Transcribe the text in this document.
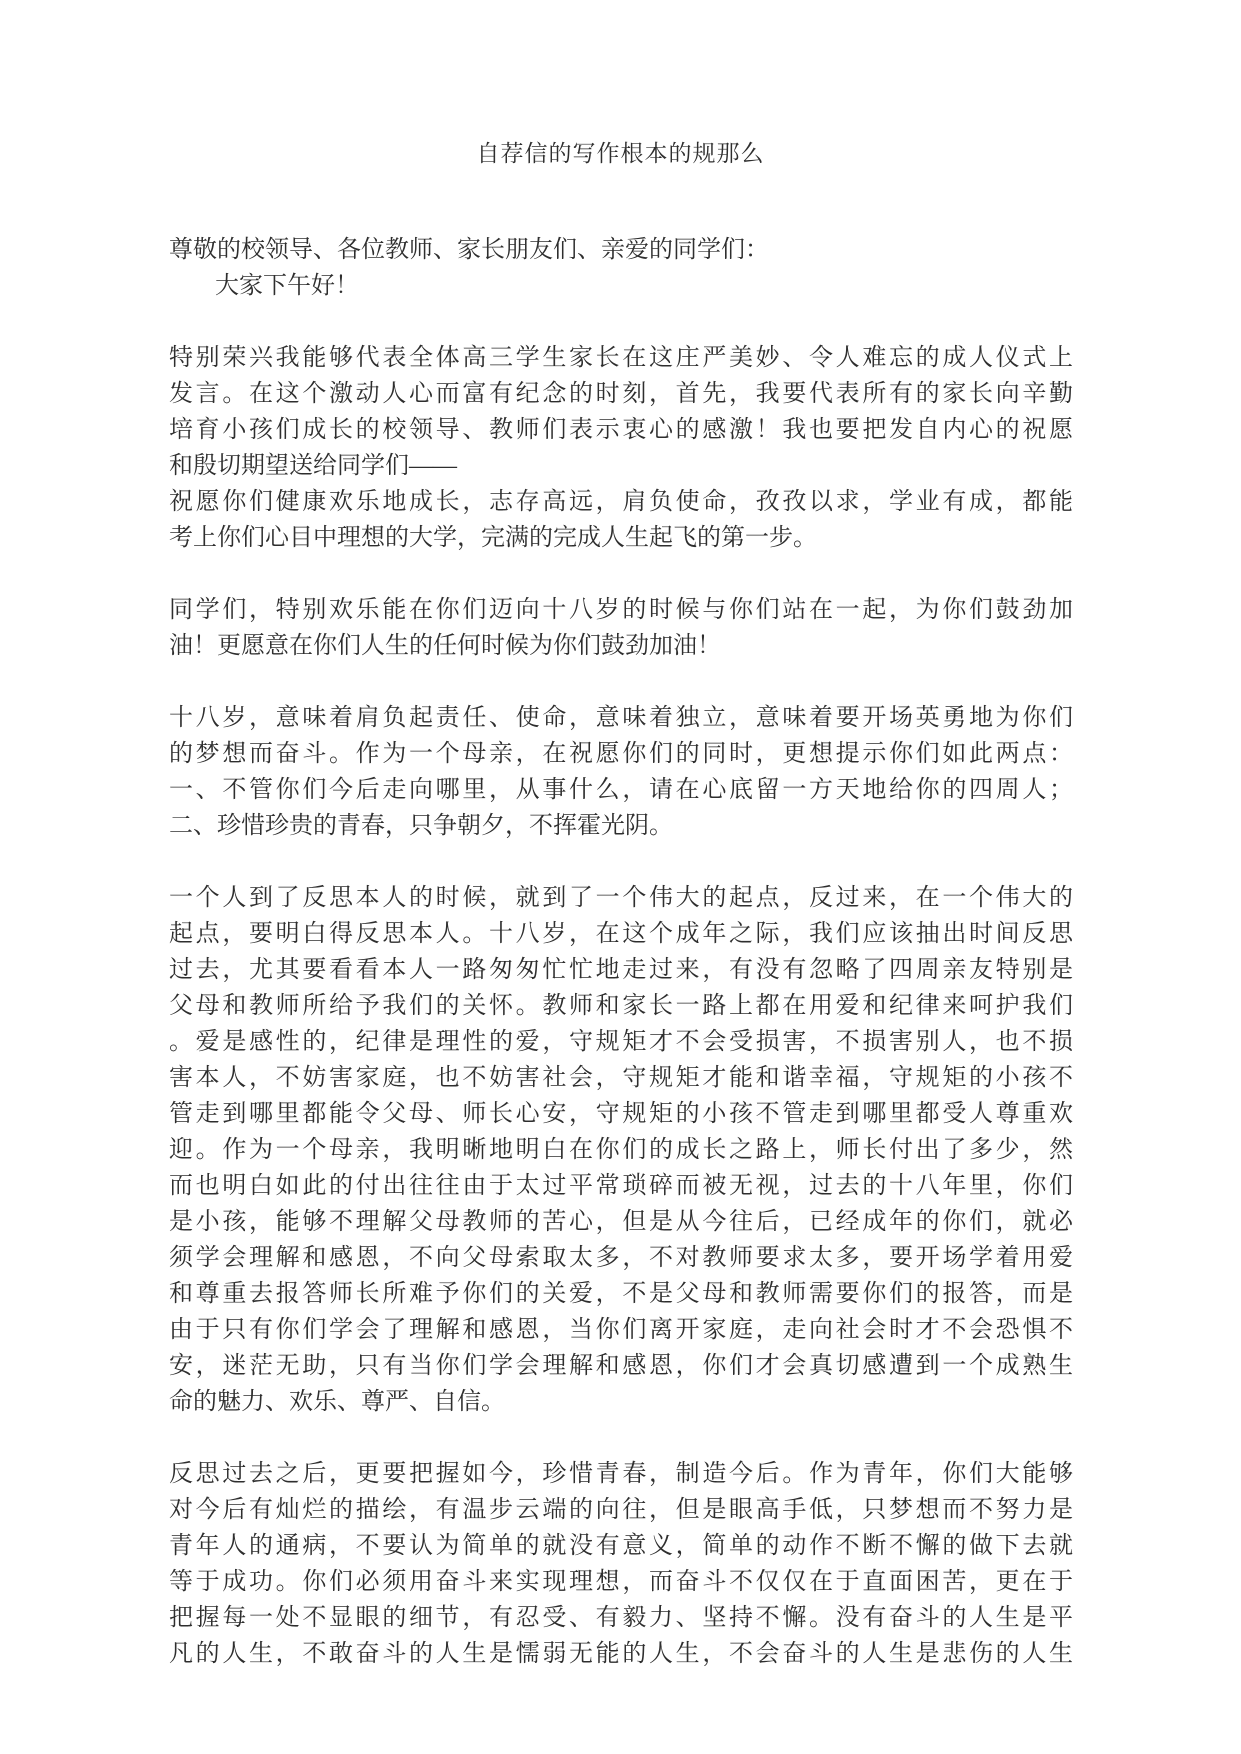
自荐信的写作根本的规那么
尊敬的校领导、各位教师、家长朋友们、亲爱的同学们：
大家下午好！
特别荣兴我能够代表全体高三学生家长在这庄严美妙、令人难忘的成人仪式上
发言。在这个激动人心而富有纪念的时刻，首先，我要代表所有的家长向辛勤
培育小孩们成长的校领导、教师们表示衷心的感激！我也要把发自内心的祝愿
和殷切期望送给同学们——
祝愿你们健康欢乐地成长，志存高远，肩负使命，孜孜以求，学业有成，都能
考上你们心目中理想的大学，完满的完成人生起飞的第一步。
同学们，特别欢乐能在你们迈向十八岁的时候与你们站在一起，为你们鼓劲加
油！更愿意在你们人生的任何时候为你们鼓劲加油！
十八岁，意味着肩负起责任、使命，意味着独立，意味着要开场英勇地为你们
的梦想而奋斗。作为一个母亲，在祝愿你们的同时，更想提示你们如此两点：
一、不管你们今后走向哪里，从事什么，请在心底留一方天地给你的四周人；
二、珍惜珍贵的青春，只争朝夕，不挥霍光阴。
一个人到了反思本人的时候，就到了一个伟大的起点，反过来，在一个伟大的
起点，要明白得反思本人。十八岁，在这个成年之际，我们应该抽出时间反思
过去，尤其要看看本人一路匆匆忙忙地走过来，有没有忽略了四周亲友特别是
父母和教师所给予我们的关怀。教师和家长一路上都在用爱和纪律来呵护我们
。爱是感性的，纪律是理性的爱，守规矩才不会受损害，不损害别人，也不损
害本人，不妨害家庭，也不妨害社会，守规矩才能和谐幸福，守规矩的小孩不
管走到哪里都能令父母、师长心安，守规矩的小孩不管走到哪里都受人尊重欢
迎。作为一个母亲，我明晰地明白在你们的成长之路上，师长付出了多少，然
而也明白如此的付出往往由于太过平常琐碎而被无视，过去的十八年里，你们
是小孩，能够不理解父母教师的苦心，但是从今往后，已经成年的你们，就必
须学会理解和感恩，不向父母索取太多，不对教师要求太多，要开场学着用爱
和尊重去报答师长所难予你们的关爱，不是父母和教师需要你们的报答，而是
由于只有你们学会了理解和感恩，当你们离开家庭，走向社会时才不会恐惧不
安，迷茫无助，只有当你们学会理解和感恩，你们才会真切感遭到一个成熟生
命的魅力、欢乐、尊严、自信。
反思过去之后，更要把握如今，珍惜青春，制造今后。作为青年，你们大能够
对今后有灿烂的描绘，有温步云端的向往，但是眼高手低，只梦想而不努力是
青年人的通病，不要认为简单的就没有意义，简单的动作不断不懈的做下去就
等于成功。你们必须用奋斗来实现理想，而奋斗不仅仅在于直面困苦，更在于
把握每一处不显眼的细节，有忍受、有毅力、坚持不懈。没有奋斗的人生是平
凡的人生，不敢奋斗的人生是懦弱无能的人生，不会奋斗的人生是悲伤的人生
